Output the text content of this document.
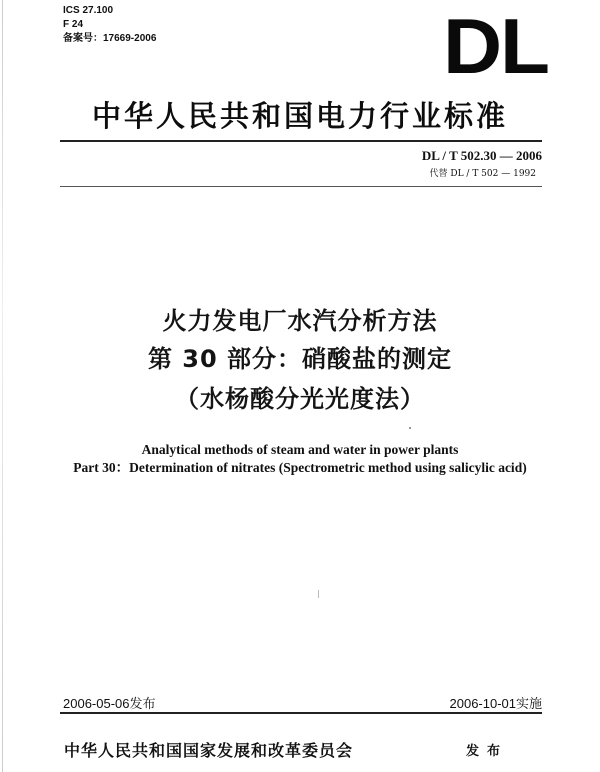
ICS 27.100
F 24
备案号：17669-2006	DL
中华人民共和国电力行业标准
DL / T 502.30 — 2006
代替 DL / T 502 — 1992
火力发电厂水汽分析方法
第 30 部分：硝酸盐的测定
（水杨酸分光光度法）
Analytical methods of steam and water in power plants
Part 30：Determination of nitrates (Spectrometric method using salicylic acid)
2006-05-06发布	2006-10-01实施
中华人民共和国国家发展和改革委员会	发布
